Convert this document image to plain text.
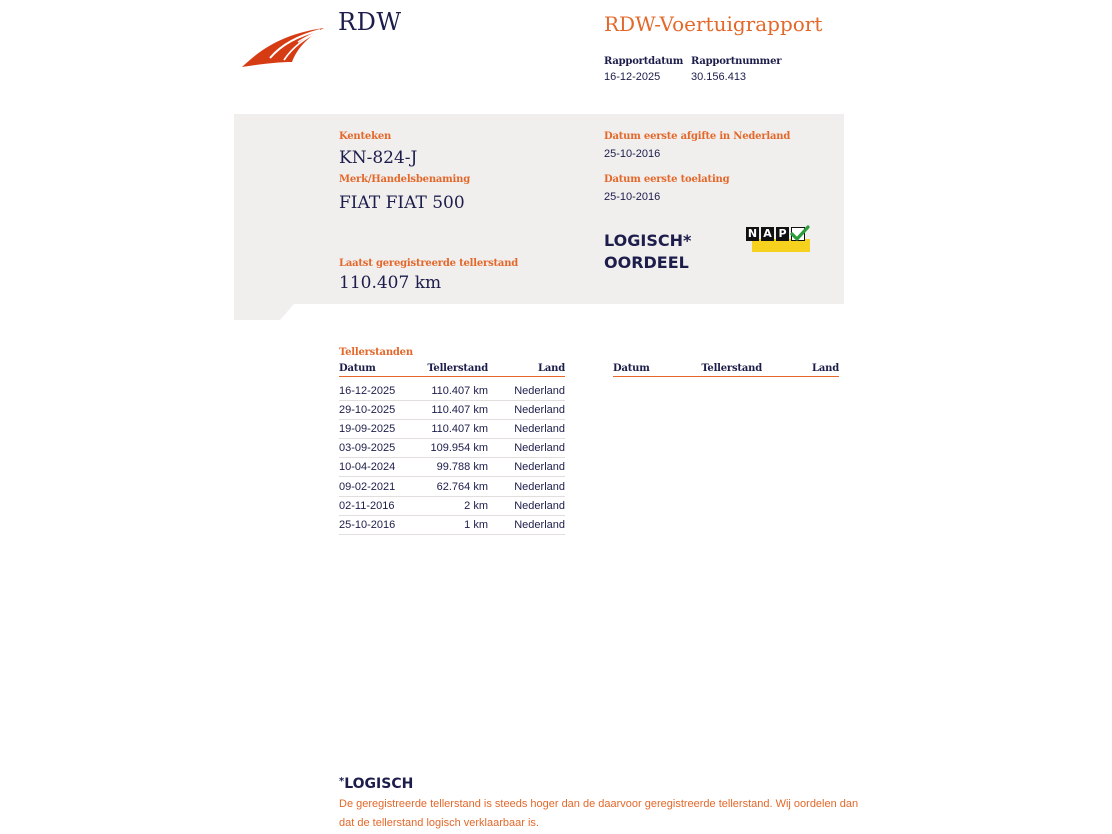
RDW	RDW-Voertuigrapport
Rapportdatum
16-12-2025
Rapportnummer
30.156.413
Kenteken
KN-824-J
Merk/Handelsbenaming
FIAT FIAT 500
Laatst geregistreerde tellerstand
110.407 km
Datum eerste afgifte in Nederland
25-10-2016
Datum eerste toelating
25-10-2016
LOGISCH*
OORDEEL
N A P
Tellerstanden
Datum	Tellerstand	Land	Datum	Tellerstand	Land
16-12-2025	110.407 km Nederland
29-10-2025	110.407 km Nederland
19-09-2025	110.407 km Nederland
03-09-2025	109.954 km Nederland
10-04-2024	99.788 km Nederland
09-02-2021	62.764 km Nederland
02-11-2016	2 km Nederland
25-10-2016	1 km Nederland
*LOGISCH
De geregistreerde tellerstand is steeds hoger dan de daarvoor geregistreerde tellerstand. Wij oordelen dan
dat de tellerstand logisch verklaarbaar is.
